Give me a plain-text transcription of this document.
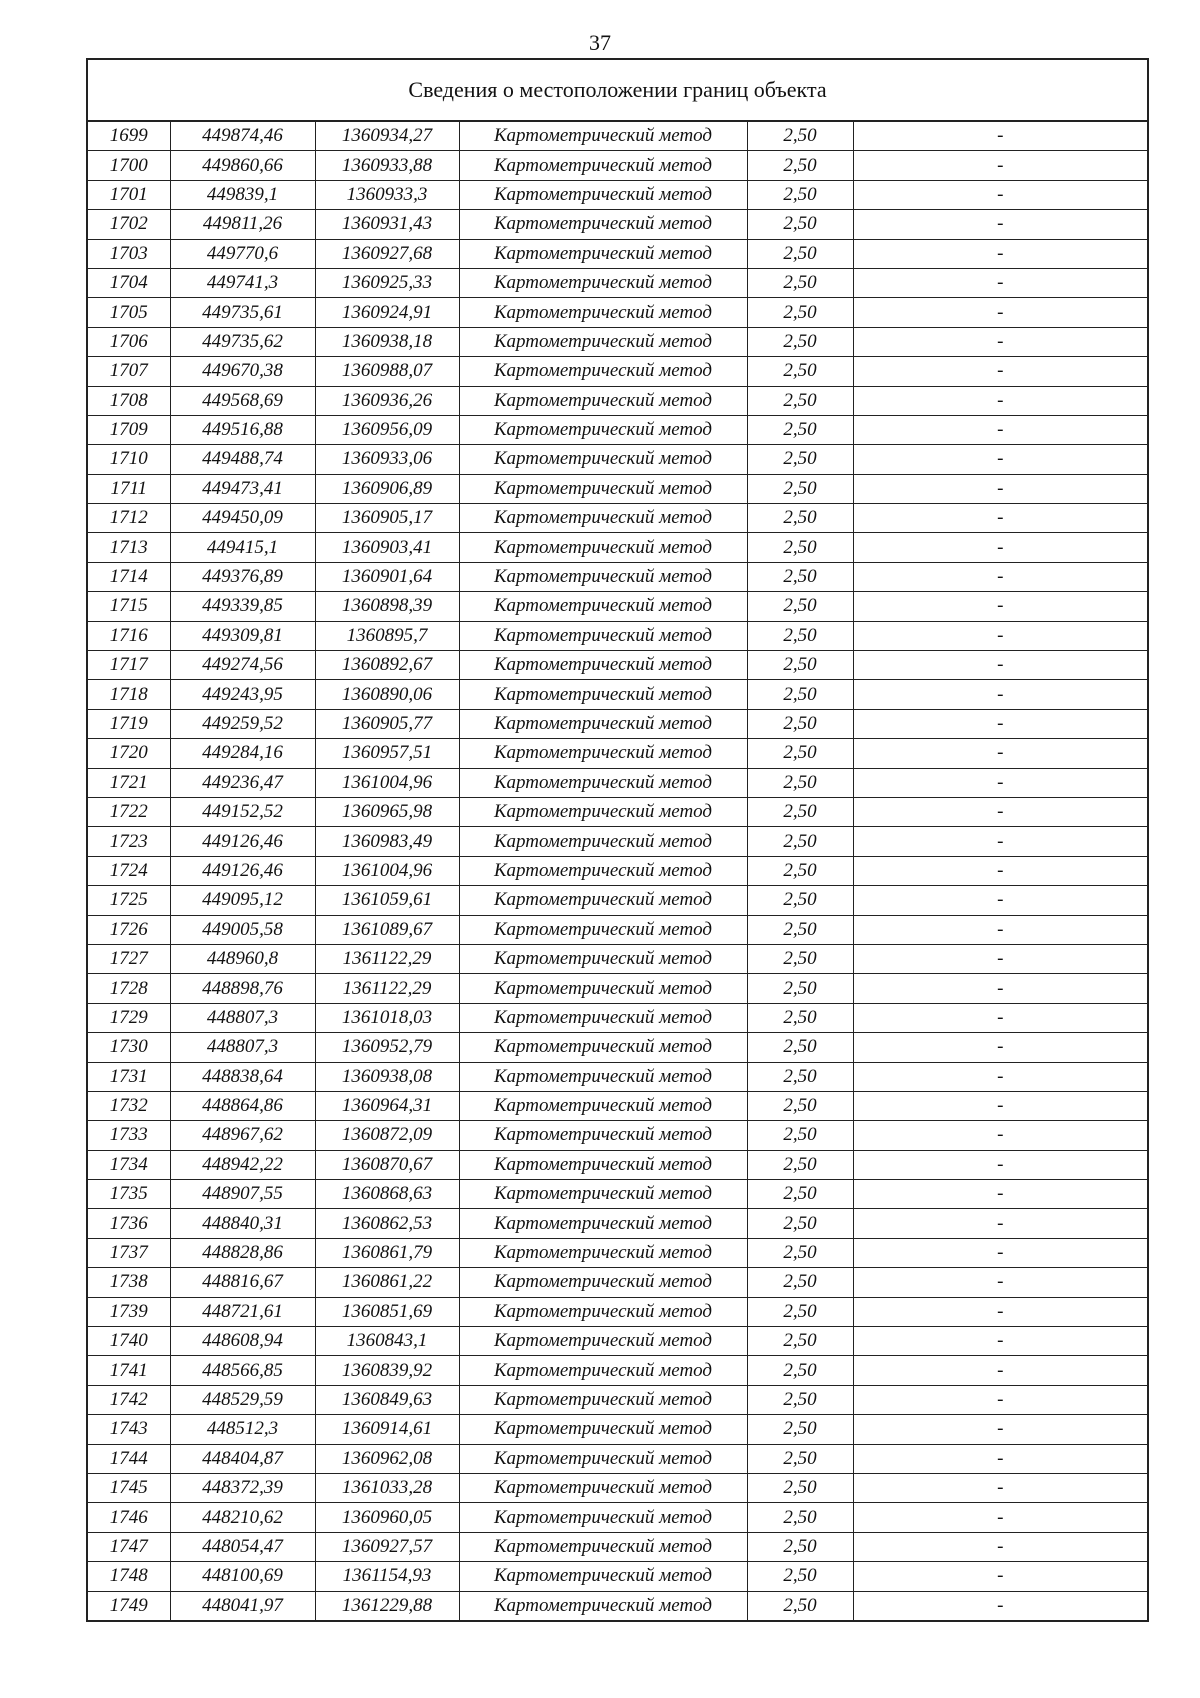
37
Сведения о местоположении границ объекта
1699	449874,46	1360934,27	Картометрический метод	2,50	-
1700	449860,66	1360933,88	Картометрический метод	2,50	-
1701	449839,1	1360933,3	Картометрический метод	2,50	-
1702	449811,26	1360931,43	Картометрический метод	2,50	-
1703	449770,6	1360927,68	Картометрический метод	2,50	-
1704	449741,3	1360925,33	Картометрический метод	2,50	-
1705	449735,61	1360924,91	Картометрический метод	2,50	-
1706	449735,62	1360938,18	Картометрический метод	2,50	-
1707	449670,38	1360988,07	Картометрический метод	2,50	-
1708	449568,69	1360936,26	Картометрический метод	2,50	-
1709	449516,88	1360956,09	Картометрический метод	2,50	-
1710	449488,74	1360933,06	Картометрический метод	2,50	-
1711	449473,41	1360906,89	Картометрический метод	2,50	-
1712	449450,09	1360905,17	Картометрический метод	2,50	-
1713	449415,1	1360903,41	Картометрический метод	2,50	-
1714	449376,89	1360901,64	Картометрический метод	2,50	-
1715	449339,85	1360898,39	Картометрический метод	2,50	-
1716	449309,81	1360895,7	Картометрический метод	2,50	-
1717	449274,56	1360892,67	Картометрический метод	2,50	-
1718	449243,95	1360890,06	Картометрический метод	2,50	-
1719	449259,52	1360905,77	Картометрический метод	2,50	-
1720	449284,16	1360957,51	Картометрический метод	2,50	-
1721	449236,47	1361004,96	Картометрический метод	2,50	-
1722	449152,52	1360965,98	Картометрический метод	2,50	-
1723	449126,46	1360983,49	Картометрический метод	2,50	-
1724	449126,46	1361004,96	Картометрический метод	2,50	-
1725	449095,12	1361059,61	Картометрический метод	2,50	-
1726	449005,58	1361089,67	Картометрический метод	2,50	-
1727	448960,8	1361122,29	Картометрический метод	2,50	-
1728	448898,76	1361122,29	Картометрический метод	2,50	-
1729	448807,3	1361018,03	Картометрический метод	2,50	-
1730	448807,3	1360952,79	Картометрический метод	2,50	-
1731	448838,64	1360938,08	Картометрический метод	2,50	-
1732	448864,86	1360964,31	Картометрический метод	2,50	-
1733	448967,62	1360872,09	Картометрический метод	2,50	-
1734	448942,22	1360870,67	Картометрический метод	2,50	-
1735	448907,55	1360868,63	Картометрический метод	2,50	-
1736	448840,31	1360862,53	Картометрический метод	2,50	-
1737	448828,86	1360861,79	Картометрический метод	2,50	-
1738	448816,67	1360861,22	Картометрический метод	2,50	-
1739	448721,61	1360851,69	Картометрический метод	2,50	-
1740	448608,94	1360843,1	Картометрический метод	2,50	-
1741	448566,85	1360839,92	Картометрический метод	2,50	-
1742	448529,59	1360849,63	Картометрический метод	2,50	-
1743	448512,3	1360914,61	Картометрический метод	2,50	-
1744	448404,87	1360962,08	Картометрический метод	2,50	-
1745	448372,39	1361033,28	Картометрический метод	2,50	-
1746	448210,62	1360960,05	Картометрический метод	2,50	-
1747	448054,47	1360927,57	Картометрический метод	2,50	-
1748	448100,69	1361154,93	Картометрический метод	2,50	-
1749	448041,97	1361229,88	Картометрический метод	2,50	-
